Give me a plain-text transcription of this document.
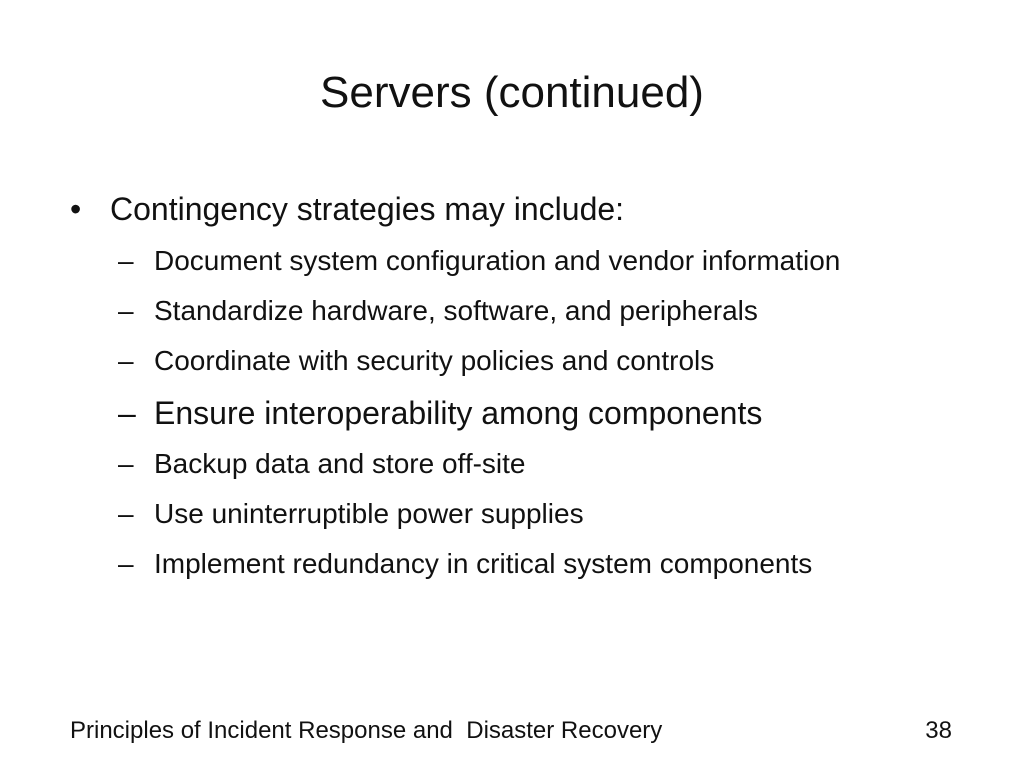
Servers (continued)
• Contingency strategies may include:
– Document system configuration and vendor information
– Standardize hardware, software, and peripherals
– Coordinate with security policies and controls
– Ensure interoperability among components
– Backup data and store off-site
– Use uninterruptible power supplies
– Implement redundancy in critical system components
Principles of Incident Response and  Disaster Recovery	38
